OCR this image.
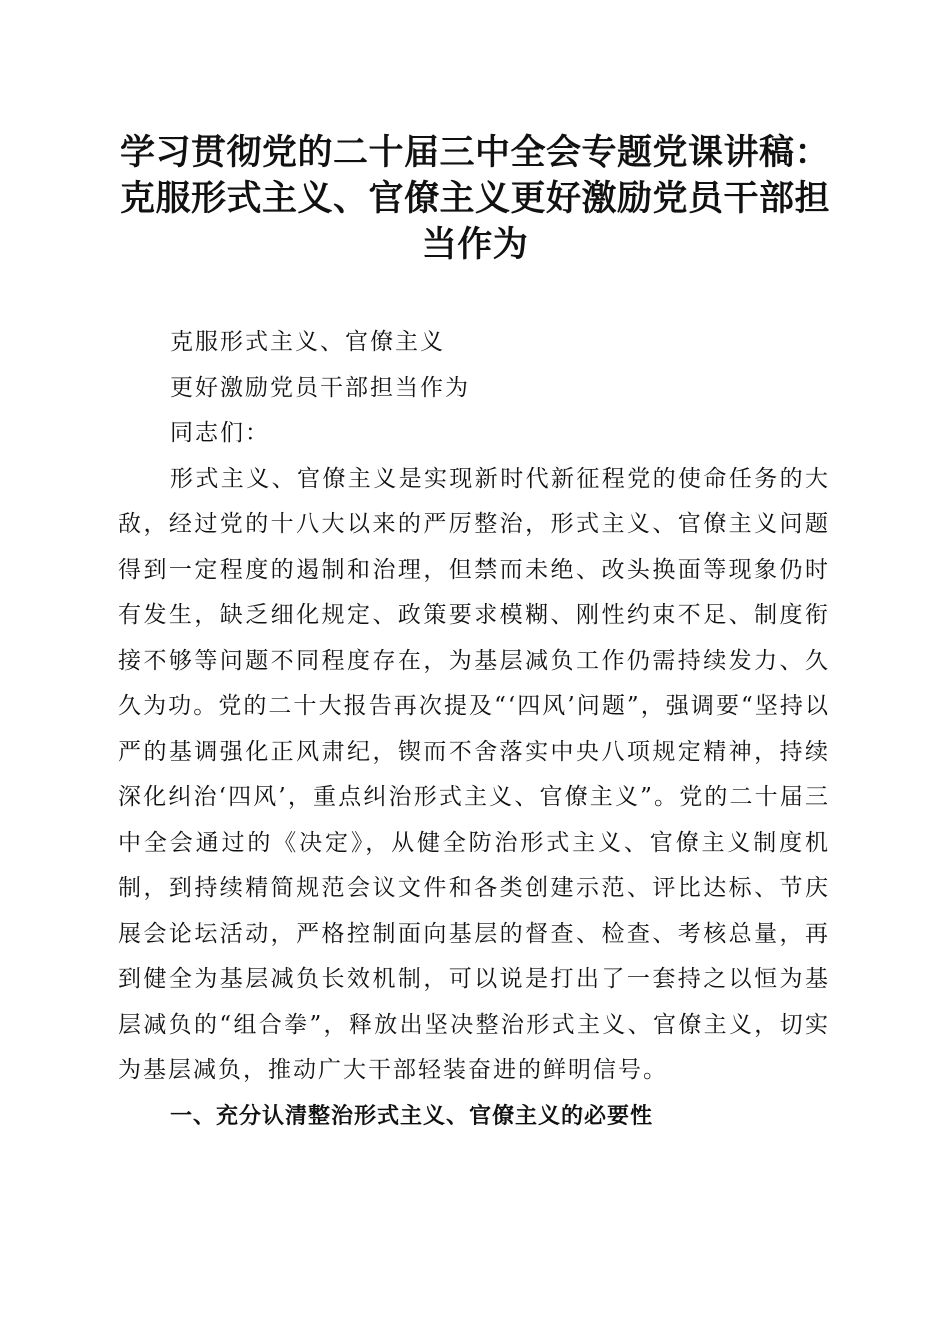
学习贯彻党的二十届三中全会专题党课讲稿：
克服形式主义、官僚主义更好激励党员干部担
当作为

克服形式主义、官僚主义

更好激励党员干部担当作为

同志们：

形式主义、官僚主义是实现新时代新征程党的使命任务的大敌，经过党的十八大以来的严厉整治，形式主义、官僚主义问题得到一定程度的遏制和治理，但禁而未绝、改头换面等现象仍时有发生，缺乏细化规定、政策要求模糊、刚性约束不足、制度衔接不够等问题不同程度存在，为基层减负工作仍需持续发力、久久为功。党的二十大报告再次提及“‘四风’问题”，强调要“坚持以严的基调强化正风肃纪，锲而不舍落实中央八项规定精神，持续深化纠治‘四风’，重点纠治形式主义、官僚主义”。党的二十届三中全会通过的《决定》，从健全防治形式主义、官僚主义制度机制，到持续精简规范会议文件和各类创建示范、评比达标、节庆展会论坛活动，严格控制面向基层的督查、检查、考核总量，再到健全为基层减负长效机制，可以说是打出了一套持之以恒为基层减负的“组合拳”，释放出坚决整治形式主义、官僚主义，切实为基层减负，推动广大干部轻装奋进的鲜明信号。

一、充分认清整治形式主义、官僚主义的必要性
